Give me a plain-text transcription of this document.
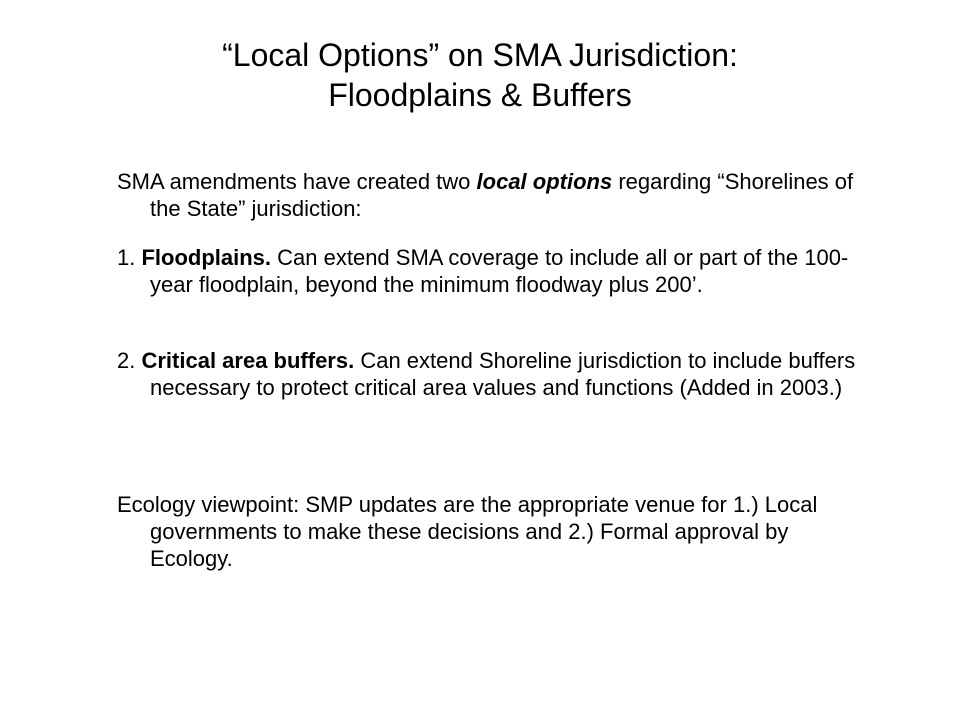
“Local Options” on SMA Jurisdiction:
Floodplains & Buffers

SMA amendments have created two local options regarding “Shorelines of the State” jurisdiction:

1. Floodplains. Can extend SMA coverage to include all or part of the 100-year floodplain, beyond the minimum floodway plus 200’.

2. Critical area buffers. Can extend Shoreline jurisdiction to include buffers necessary to protect critical area values and functions (Added in 2003.)

Ecology viewpoint: SMP updates are the appropriate venue for 1.) Local governments to make these decisions and 2.) Formal approval by Ecology.
